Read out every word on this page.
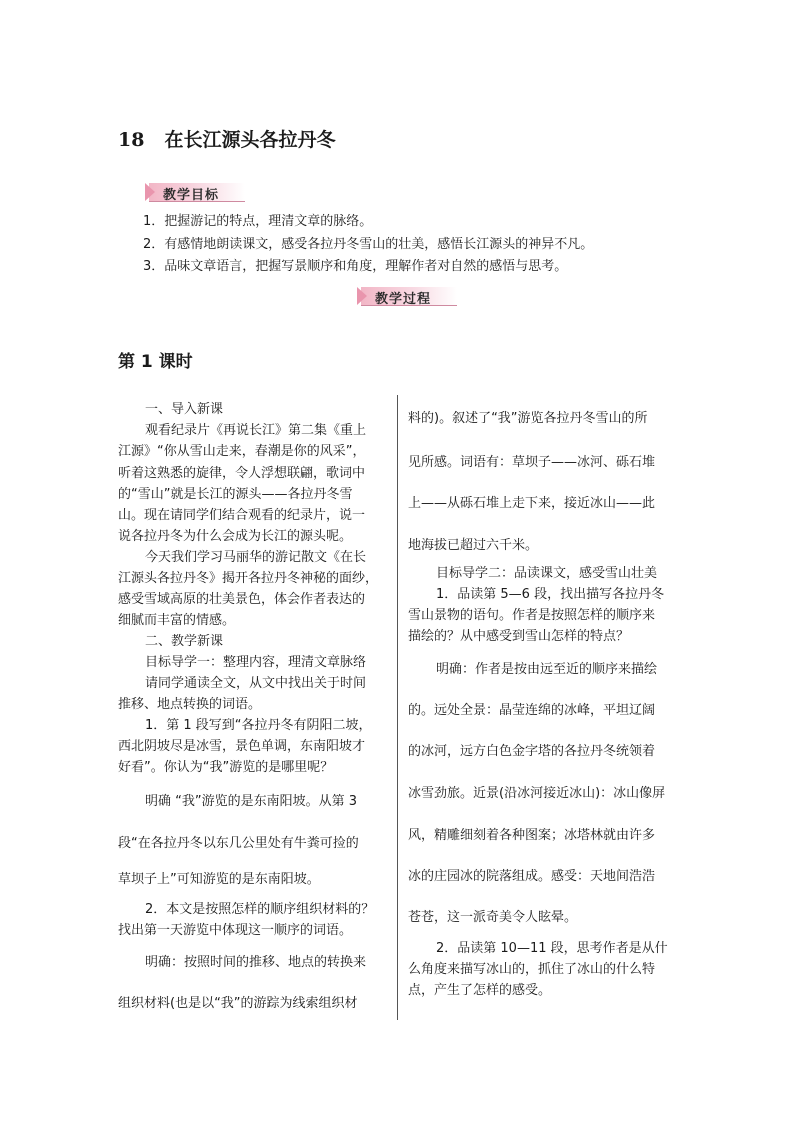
18 在长江源头各拉丹冬
教学目标
1．把握游记的特点，理清文章的脉络。
2．有感情地朗读课文，感受各拉丹冬雪山的壮美，感悟长江源头的神异不凡。
3．品味文章语言，把握写景顺序和角度，理解作者对自然的感悟与思考。
教学过程
第 1 课时
一、导入新课
观看纪录片《再说长江》第二集《重上
江源》“你从雪山走来，春潮是你的风采”，
听着这熟悉的旋律，令人浮想联翩，歌词中
的“雪山”就是长江的源头——各拉丹冬雪
山。现在请同学们结合观看的纪录片，说一
说各拉丹冬为什么会成为长江的源头呢。
今天我们学习马丽华的游记散文《在长
江源头各拉丹冬》揭开各拉丹冬神秘的面纱，
感受雪域高原的壮美景色，体会作者表达的
细腻而丰富的情感。
二、教学新课
目标导学一：整理内容，理清文章脉络
请同学通读全文，从文中找出关于时间
推移、地点转换的词语。
1．第 1 段写到“各拉丹冬有阴阳二坡，
西北阴坡尽是冰雪，景色单调，东南阳坡才
好看”。你认为“我”游览的是哪里呢？
明确 “我”游览的是东南阳坡。从第 3
段“在各拉丹冬以东几公里处有牛粪可捡的
草坝子上”可知游览的是东南阳坡。
2．本文是按照怎样的顺序组织材料的？
找出第一天游览中体现这一顺序的词语。
明确：按照时间的推移、地点的转换来
组织材料(也是以“我”的游踪为线索组织材
料的)。叙述了“我”游览各拉丹冬雪山的所
见所感。词语有：草坝子——冰河、砾石堆
上——从砾石堆上走下来，接近冰山——此
地海拔已超过六千米。
目标导学二：品读课文，感受雪山壮美
1．品读第 5—6 段，找出描写各拉丹冬
雪山景物的语句。作者是按照怎样的顺序来
描绘的？从中感受到雪山怎样的特点？
明确：作者是按由远至近的顺序来描绘
的。远处全景：晶莹连绵的冰峰，平坦辽阔
的冰河，远方白色金字塔的各拉丹冬统领着
冰雪劲旅。近景(沿冰河接近冰山)：冰山像屏
风，精雕细刻着各种图案；冰塔林就由许多
冰的庄园冰的院落组成。感受：天地间浩浩
苍苍，这一派奇美令人眩晕。
2．品读第 10—11 段，思考作者是从什
么角度来描写冰山的，抓住了冰山的什么特
点，产生了怎样的感受。
